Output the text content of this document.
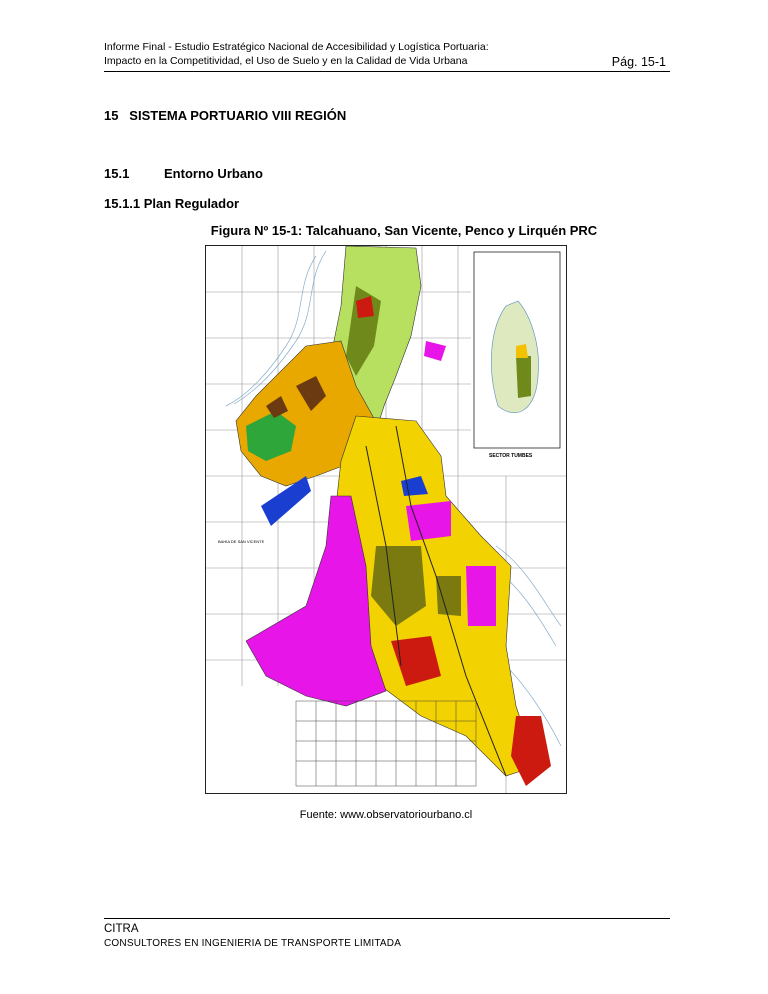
Informe Final - Estudio Estratégico Nacional de Accesibilidad y Logística Portuaria:
Impacto en la Competitividad, el Uso de Suelo y en la Calidad de Vida Urbana	Pág. 15-1
15   SISTEMA PORTUARIO VIII REGIÓN
15.1	Entorno Urbano
15.1.1 Plan Regulador
Figura Nº 15-1: Talcahuano, San Vicente, Penco y Lirquén PRC
SECTOR TUMBES
BAHIA DE SAN VICENTE
Fuente: www.observatoriourbano.cl
CITRA
CONSULTORES EN INGENIERIA DE TRANSPORTE LIMITADA
